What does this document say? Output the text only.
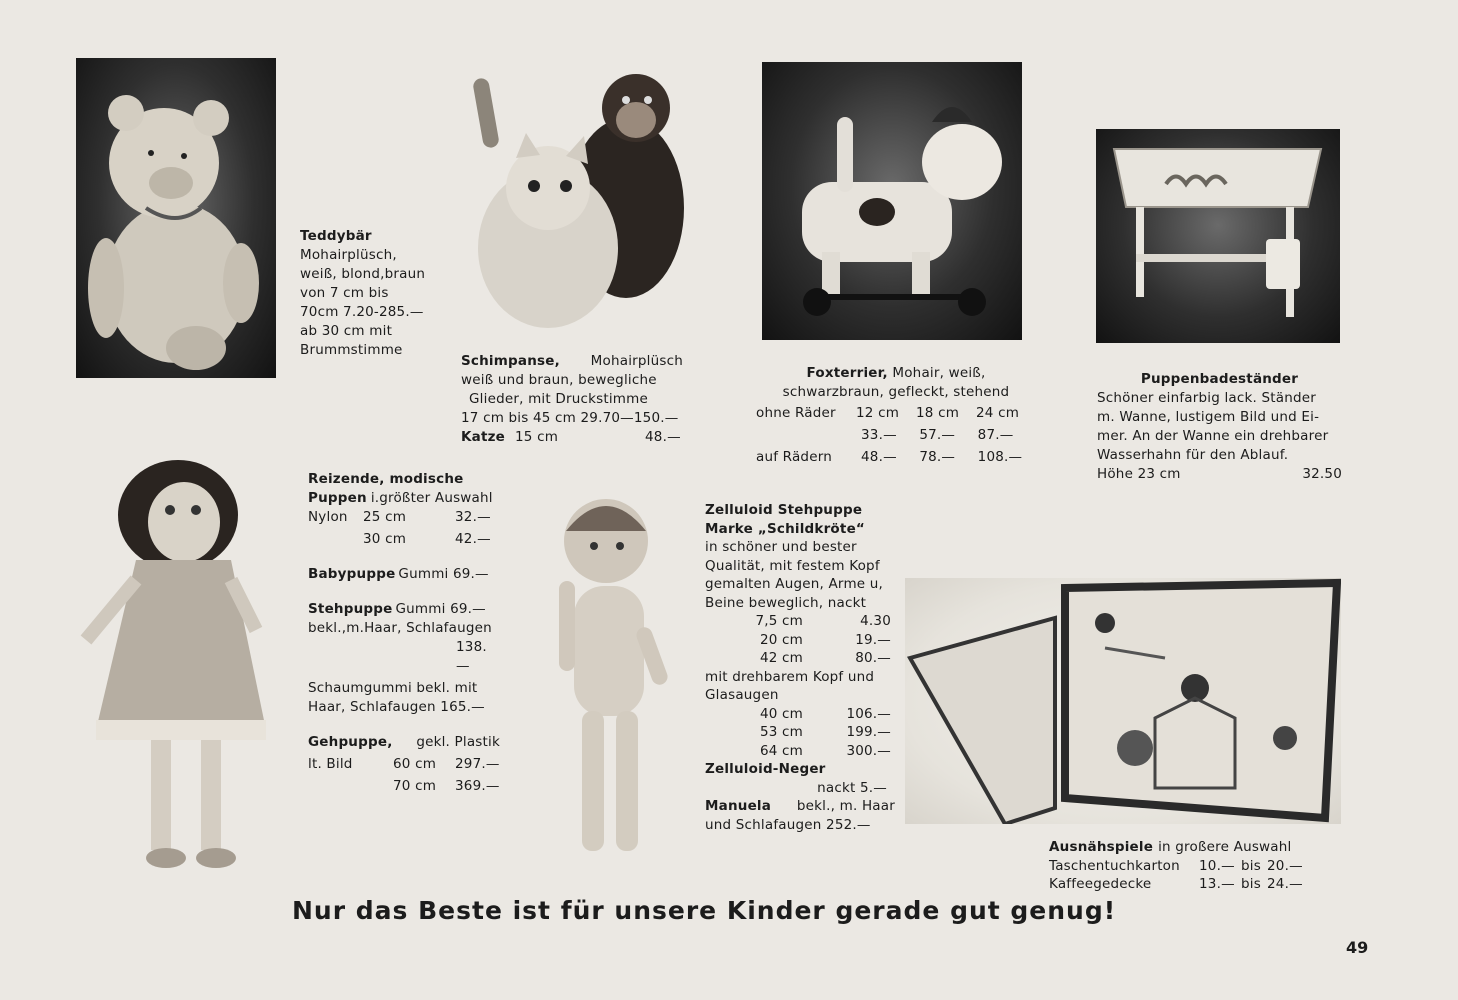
Teddybär
Mohairplüsch,
weiß, blond,braun
von 7 cm bis
70cm 7.20-285.—
ab 30 cm mit
Brummstimme
Schimpanse, Mohairplüsch
weiß und braun, bewegliche
Glieder, mit Druckstimme
17 cm bis 45 cm 29.70—150.—
Katze 15 cm	48.—
Foxterrier, Mohair, weiß,
schwarzbraun, gefleckt, stehend
ohne Räder	12 cm	18 cm	24 cm
33.—	57.—	87.—
auf Rädern	48.—	78.—	108.—
Puppenbadeständer
Schöner einfarbig lack. Ständer
m. Wanne, lustigem Bild und Ei-
mer. An der Wanne ein drehbarer
Wasserhahn für den Ablauf.
Höhe 23 cm	32.50
Reizende, modische
Puppen i.größter Auswahl
Nylon	25 cm	32.—
30 cm	42.—
Babypuppe Gummi 69.—
Stehpuppe Gummi 69.—
bekl.,m.Haar, Schlafaugen
138.—
Schaumgummi bekl. mit
Haar, Schlafaugen 165.—
Gehpuppe, gekl. Plastik
lt. Bild	60 cm	297.—
70 cm	369.—
Zelluloid Stehpuppe
Marke „Schildkröte“
in schöner und bester
Qualität, mit festem Kopf
gemalten Augen, Arme u,
Beine beweglich, nackt
7,5 cm	4.30
20 cm	19.—
42 cm	80.—
mit drehbarem Kopf und
Glasaugen
40 cm	106.—
53 cm	199.—
64 cm	300.—
Zelluloid-Neger
nackt 5.—
Manuela bekl., m. Haar
und Schlafaugen 252.—
Ausnähspiele in großere Auswahl
Taschentuchkarton	10.— bis 20.—
Kaffeegedecke	13.— bis 24.—
Nur das Beste ist für unsere Kinder gerade gut genug!
49
